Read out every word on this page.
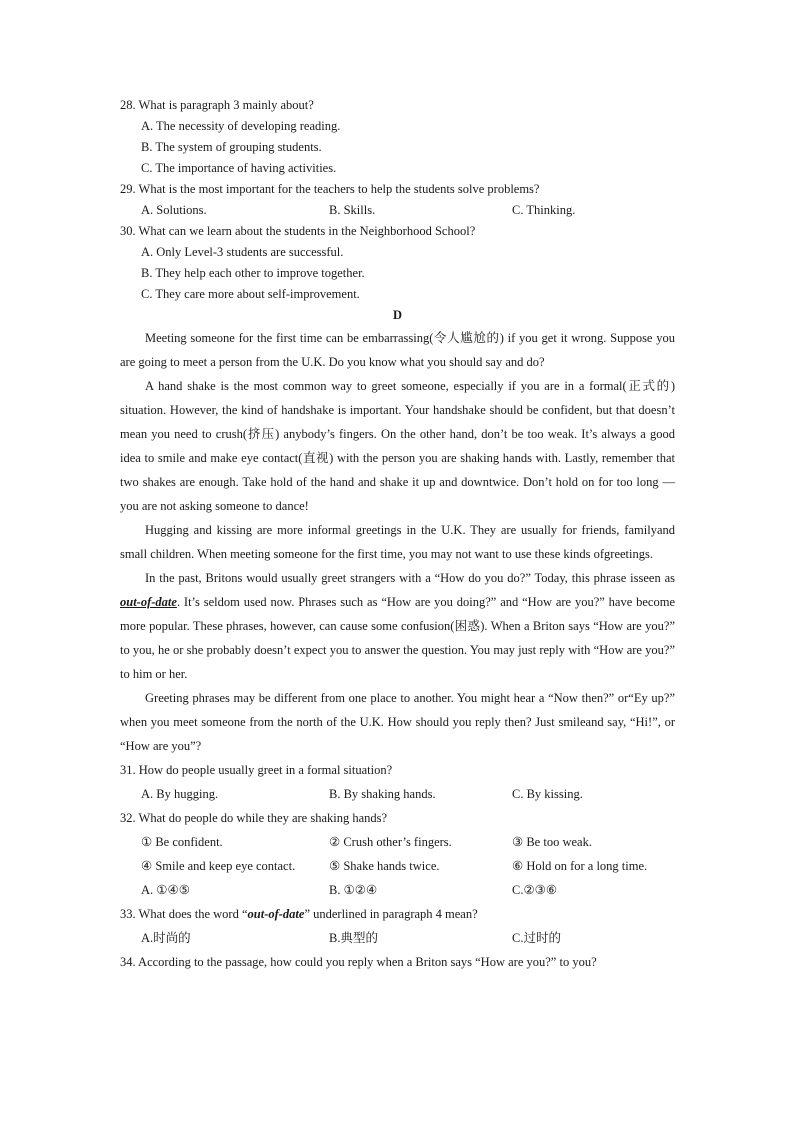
28. What is paragraph 3 mainly about?
A. The necessity of developing reading.
B. The system of grouping students.
C. The importance of having activities.
29. What is the most important for the teachers to help the students solve problems?
A. Solutions.	B. Skills.	C. Thinking.
30. What can we learn about the students in the Neighborhood School?
A. Only Level-3 students are successful.
B. They help each other to improve together.
C. They care more about self-improvement.
D

Meeting someone for the first time can be embarrassing(令人尴尬的) if you get it wrong. Suppose you are going to meet a person from the U.K. Do you know what you should say and do?

A hand shake is the most common way to greet someone, especially if you are in a formal(正式的) situation. However, the kind of handshake is important. Your handshake should be confident, but that doesn’t mean you need to crush(挤压) anybody’s fingers. On the other hand, don’t be too weak. It’s always a good idea to smile and make eye contact(直视) with the person you are shaking hands with. Lastly, remember that two shakes are enough. Take hold of the hand and shake it up and downtwice. Don’t hold on for too long — you are not asking someone to dance!

Hugging and kissing are more informal greetings in the U.K. They are usually for friends, familyand small children. When meeting someone for the first time, you may not want to use these kinds ofgreetings.

In the past, Britons would usually greet strangers with a “How do you do?” Today, this phrase isseen as out-of-date. It’s seldom used now. Phrases such as “How are you doing?” and “How are you?” have become more popular. These phrases, however, can cause some confusion(困惑). When a Briton says “How are you?” to you, he or she probably doesn’t expect you to answer the question. You may just reply with “How are you?” to him or her.

Greeting phrases may be different from one place to another. You might hear a “Now then?” or“Ey up?” when you meet someone from the north of the U.K. How should you reply then? Just smileand say, “Hi!”, or “How are you”?

31. How do people usually greet in a formal situation?
A. By hugging.	B. By shaking hands.	C. By kissing.
32. What do people do while they are shaking hands?
① Be confident.	② Crush other’s fingers.	③ Be too weak.
④ Smile and keep eye contact.	⑤ Shake hands twice.	⑥ Hold on for a long time.
A. ①④⑤	B. ①②④	C.②③⑥
33. What does the word “out-of-date” underlined in paragraph 4 mean?
A.时尚的	B.典型的	C.过时的
34. According to the passage, how could you reply when a Briton says “How are you?” to you?
